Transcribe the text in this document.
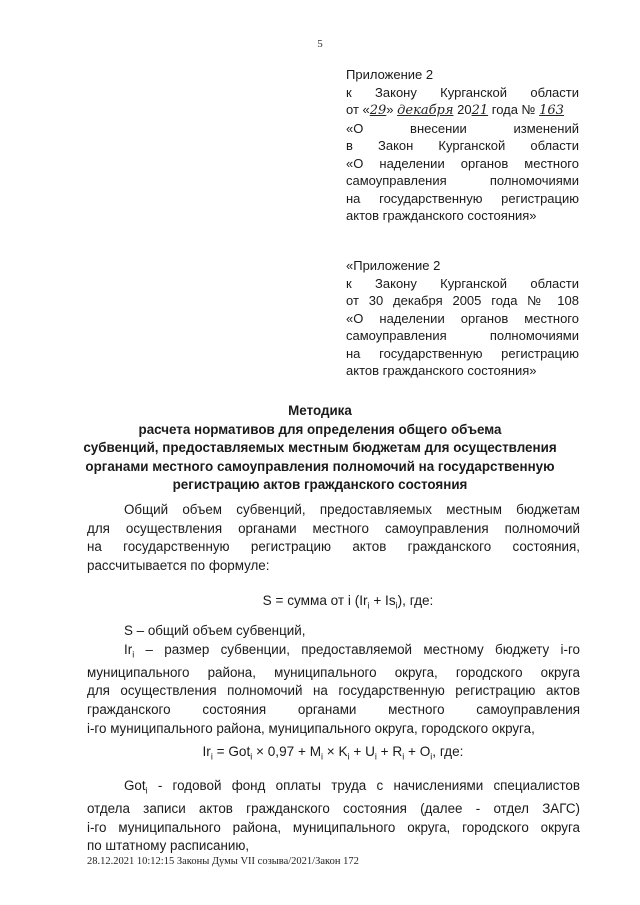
5
Приложение 2
к Закону Курганской области
от «29» декабря 2021 года № 163
«О внесении изменений
в Закон Курганской области
«О наделении органов местного
самоуправления полномочиями
на государственную регистрацию
актов гражданского состояния»
«Приложение 2
к Закону Курганской области
от 30 декабря 2005 года № 108
«О наделении органов местного
самоуправления полномочиями
на государственную регистрацию
актов гражданского состояния»
Методика
расчета нормативов для определения общего объема
субвенций, предоставляемых местным бюджетам для осуществления
органами местного самоуправления полномочий на государственную
регистрацию актов гражданского состояния
Общий объем субвенций, предоставляемых местным бюджетам
для осуществления органами местного самоуправления полномочий
на государственную регистрацию актов гражданского состояния,
рассчитывается по формуле:
S = сумма от i $(Ir_i + Is_i)$, где:
S – общий объем субвенций,
$Ir_i$ – размер субвенции, предоставляемой местному бюджету i-го
муниципального района, муниципального округа, городского округа
для осуществления полномочий на государственную регистрацию актов
гражданского состояния органами местного самоуправления
i-го муниципального района, муниципального округа, городского округа,
$Ir_i = Got_i \times 0,97 + M_i \times K_i + U_i + R_i + O_i$, где:
Got$_i$ - годовой фонд оплаты труда с начислениями специалистов
отдела записи актов гражданского состояния (далее - отдел ЗАГС)
i-го муниципального района, муниципального округа, городского округа
по штатному расписанию,
28.12.2021 10:12:15 Законы Думы VII созыва/2021/Закон 172
